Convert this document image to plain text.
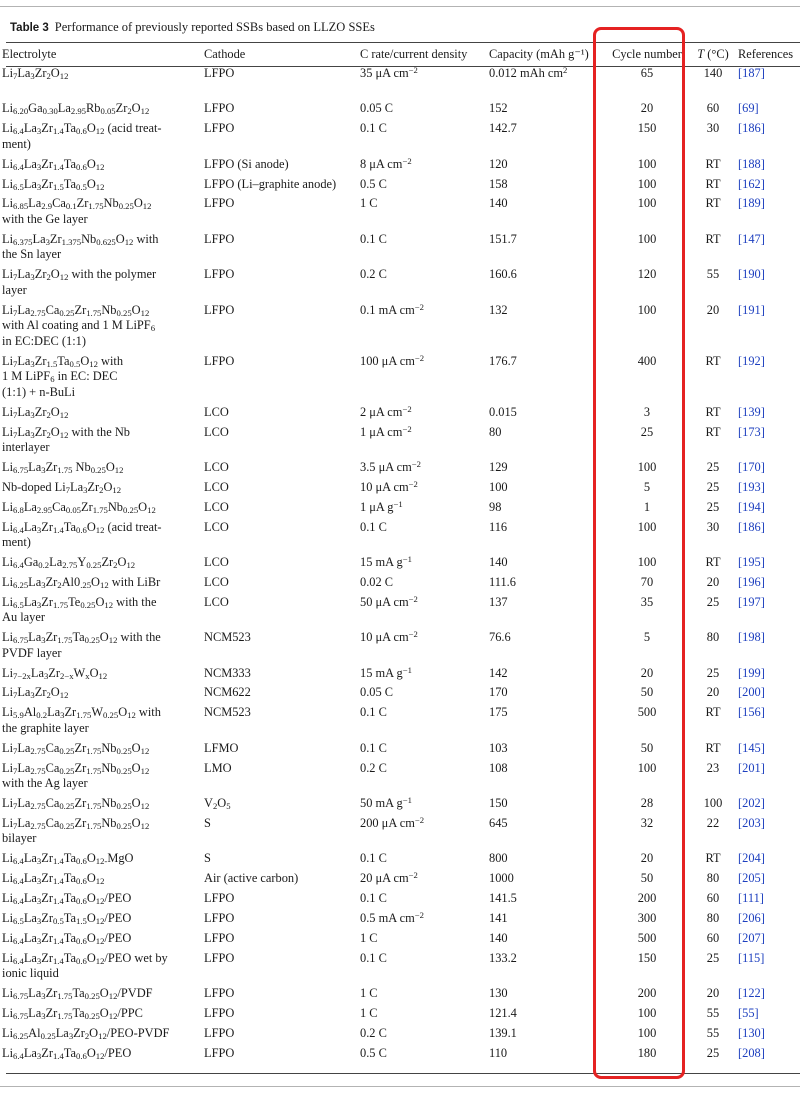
Table 3 Performance of previously reported SSBs based on LLZO SSEs
Electrolyte	Cathode	C rate/current density	Capacity (mAh g⁻¹)	Cycle number	T (°C)	References
$Li_7La_3Zr_2O_{12}$	LFPO	35 μA $cm^{-2}$	0.012 mAh $cm^2$	65	140	[187]
$Li_{6.20}Ga_{0.30}La_{2.95}Rb_{0.05}Zr_2O_{12}$	LFPO	0.05 C	152	20	60	[69]
$Li_{6.4}La_3Zr_{1.4}Ta_{0.6}O_{12}$ (acid treat-
ment)	LFPO	0.1 C	142.7	150	30	[186]
$Li_{6.4}La_3Zr_{1.4}Ta_{0.6}O_{12}$	LFPO (Si anode)	8 μA $cm^{-2}$	120	100	RT	[188]
$Li_{6.5}La_3Zr_{1.5}Ta_{0.5}O_{12}$	LFPO (Li–graphite anode)	0.5 C	158	100	RT	[162]
$Li_{6.85}La_{2.9}Ca_{0.1}Zr_{1.75}Nb_{0.25}O_{12}$
with the Ge layer	LFPO	1 C	140	100	RT	[189]
$Li_{6.375}La_3Zr_{1.375}Nb_{0.625}O_{12}$ with
the Sn layer	LFPO	0.1 C	151.7	100	RT	[147]
$Li_7La_3Zr_2O_{12}$ with the polymer
layer	LFPO	0.2 C	160.6	120	55	[190]
$Li_7La_{2.75}Ca_{0.25}Zr_{1.75}Nb_{0.25}O_{12}$
with Al coating and 1 M LiPF$_6$
in EC:DEC (1:1)	LFPO	0.1 mA $cm^{-2}$	132	100	20	[191]
$Li_7La_3Zr_{1.5}Ta_{0.5}O_{12}$ with
1 M LiPF$_6$ in EC: DEC
(1:1) + n-BuLi	LFPO	100 μA $cm^{-2}$	176.7	400	RT	[192]
$Li_7La_3Zr_2O_{12}$	LCO	2 μA $cm^{-2}$	0.015	3	RT	[139]
$Li_7La_3Zr_2O_{12}$ with the Nb
interlayer	LCO	1 μA $cm^{-2}$	80	25	RT	[173]
$Li_{6.75}La_3Zr_{1.75}$ $Nb_{0.25}O_{12}$	LCO	3.5 μA $cm^{-2}$	129	100	25	[170]
Nb-doped $Li_7La_3Zr_2O_{12}$	LCO	10 μA $cm^{-2}$	100	5	25	[193]
$Li_{6.8}La_{2.95}Ca_{0.05}Zr_{1.75}Nb_{0.25}O_{12}$	LCO	1 μA $g^{-1}$	98	1	25	[194]
$Li_{6.4}La_3Zr_{1.4}Ta_{0.6}O_{12}$ (acid treat-
ment)	LCO	0.1 C	116	100	30	[186]
$Li_{6.4}Ga_{0.2}La_{2.75}Y_{0.25}Zr_2O_{12}$	LCO	15 mA $g^{-1}$	140	100	RT	[195]
$Li_{6.25}La_3Zr_2Al0_{.25}O_{12}$ with LiBr	LCO	0.02 C	111.6	70	20	[196]
$Li_{6.5}La_3Zr_{1.75}Te_{0.25}O_{12}$ with the
Au layer	LCO	50 μA $cm^{-2}$	137	35	25	[197]
$Li_{6.75}La_3Zr_{1.75}Ta_{0.25}O_{12}$ with the
PVDF layer	NCM523	10 μA $cm^{-2}$	76.6	5	80	[198]
$Li_{7-2x}La_3Zr_{2-x}W_xO_{12}$	NCM333	15 mA $g^{-1}$	142	20	25	[199]
$Li_7La_3Zr_2O_{12}$	NCM622	0.05 C	170	50	20	[200]
$Li_{5.9}Al_{0.2}La_3Zr_{1.75}W_{0.25}O_{12}$ with
the graphite layer	NCM523	0.1 C	175	500	RT	[156]
$Li_7La_{2.75}Ca_{0.25}Zr_{1.75}Nb_{0.25}O_{12}$	LFMO	0.1 C	103	50	RT	[145]
$Li_7La_{2.75}Ca_{0.25}Zr_{1.75}Nb_{0.25}O_{12}$
with the Ag layer	LMO	0.2 C	108	100	23	[201]
$Li_7La_{2.75}Ca_{0.25}Zr_{1.75}Nb_{0.25}O_{12}$	$V_2O_5$	50 mA $g^{-1}$	150	28	100	[202]
$Li_7La_{2.75}Ca_{0.25}Zr_{1.75}Nb_{0.25}O_{12}$
bilayer	S	200 μA $cm^{-2}$	645	32	22	[203]
$Li_{6.4}La_3Zr_{1.4}Ta_{0.6}O_{12-}MgO$	S	0.1 C	800	20	RT	[204]
$Li_{6.4}La_3Zr_{1.4}Ta_{0.6}O_{12}$	Air (active carbon)	20 μA $cm^{-2}$	1000	50	80	[205]
$Li_{6.4}La_3Zr_{1.4}Ta_{0.6}O_{12}$/PEO	LFPO	0.1 C	141.5	200	60	[111]
$Li_{6.5}La_3Zr_{0.5}Ta_{1.5}O_{12}$/PEO	LFPO	0.5 mA $cm^{-2}$	141	300	80	[206]
$Li_{6.4}La_3Zr_{1.4}Ta_{0.6}O_{12}$/PEO	LFPO	1 C	140	500	60	[207]
$Li_{6.4}La_3Zr_{1.4}Ta_{0.6}O_{12}$/PEO wet by
ionic liquid	LFPO	0.1 C	133.2	150	25	[115]
$Li_{6.75}La_3Zr_{1.75}Ta_{0.25}O_{12}$/PVDF	LFPO	1 C	130	200	20	[122]
$Li_{6.75}La_3Zr_{1.75}Ta_{0.25}O_{12}$/PPC	LFPO	1 C	121.4	100	55	[55]
$Li_{6.25}Al_{0.25}La_3Zr_2O_{12}/PEO$-PVDF	LFPO	0.2 C	139.1	100	55	[130]
$Li_{6.4}La_3Zr_{1.4}Ta_{0.6}O_{12}$/PEO	LFPO	0.5 C	110	180	25	[208]
